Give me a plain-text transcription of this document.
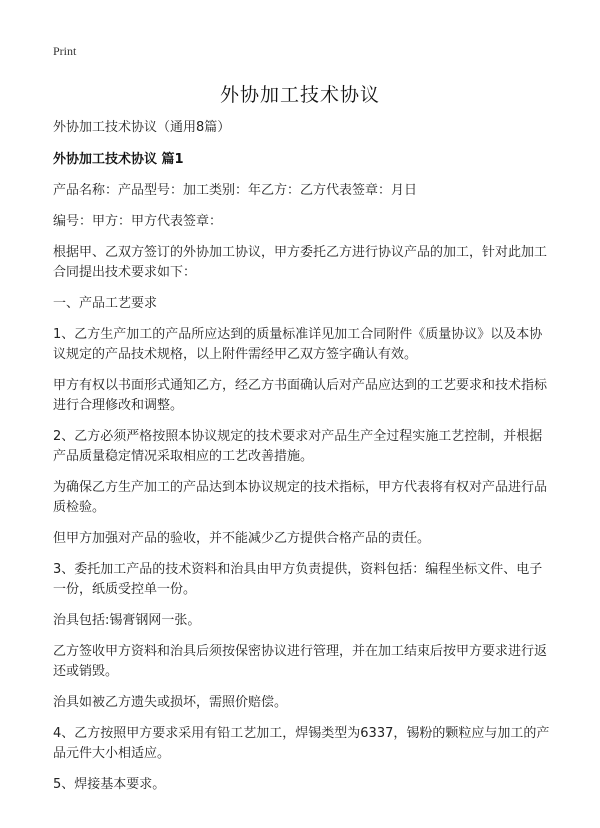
Print
外协加工技术协议

外协加工技术协议（通用8篇）

外协加工技术协议 篇1

产品名称：产品型号：加工类别：年乙方：乙方代表签章：月日

编号：甲方：甲方代表签章：

根据甲、乙双方签订的外协加工协议，甲方委托乙方进行协议产品的加工，针对此加工合同提出技术要求如下：

一、产品工艺要求

1、乙方生产加工的产品所应达到的质量标准详见加工合同附件《质量协议》以及本协议规定的产品技术规格，以上附件需经甲乙双方签字确认有效。

甲方有权以书面形式通知乙方，经乙方书面确认后对产品应达到的工艺要求和技术指标进行合理修改和调整。

2、乙方必须严格按照本协议规定的技术要求对产品生产全过程实施工艺控制，并根据产品质量稳定情况采取相应的工艺改善措施。

为确保乙方生产加工的产品达到本协议规定的技术指标，甲方代表将有权对产品进行品质检验。

但甲方加强对产品的验收，并不能减少乙方提供合格产品的责任。

3、委托加工产品的技术资料和治具由甲方负责提供，资料包括：编程坐标文件、电子一份，纸质受控单一份。

治具包括:锡膏钢网一张。

乙方签收甲方资料和治具后须按保密协议进行管理，并在加工结束后按甲方要求进行返还或销毁。

治具如被乙方遗失或损坏，需照价赔偿。

4、乙方按照甲方要求采用有铅工艺加工，焊锡类型为6337，锡粉的颗粒应与加工的产品元件大小相适应。

5、焊接基本要求。
